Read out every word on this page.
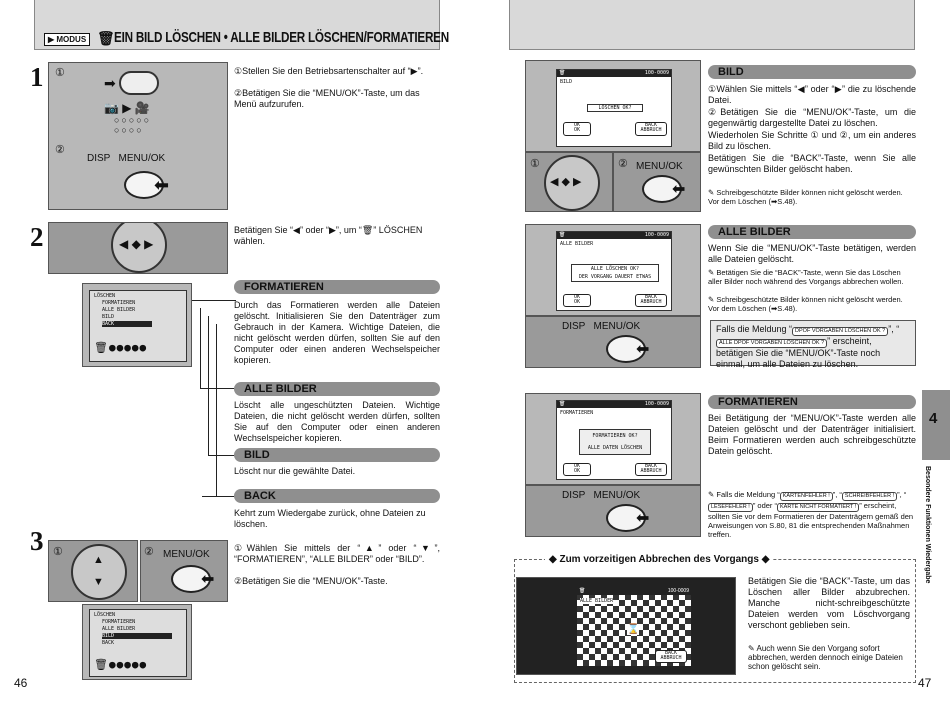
▶ MODUS 🗑 EIN BILD LÖSCHEN • ALLE BILDER LÖSCHEN/FORMATIEREN
1 ①
➡
📷 ▶ 🎥
○○○○○
○○○○
②
DISP   MENU/OK
⬅
①Stellen Sie den Betriebsartenschalter auf “▶”.
②Betätigen Sie die “MENU/OK”-Taste, um das Menü aufzurufen.
2	◀ ◆ ▶
LÖSCHEN
FORMATIEREN
ALLE BILDER
BILD
BACK
🗑●●●●●
Betätigen Sie “◀” oder “▶”, um “🗑” LÖSCHEN wählen.
FORMATIEREN
Durch das Formatieren werden alle Dateien gelöscht. Initialisieren Sie den Datenträger zum Gebrauch in der Kamera. Wichtige Dateien, die nicht gelöscht werden dürfen, sollten Sie auf den Computer oder einen anderen Wechselspeicher kopieren.
ALLE BILDER
Löscht alle ungeschützten Dateien. Wichtige Dateien, die nicht gelöscht werden dürfen, sollten Sie auf den Computer oder einen anderen Wechselspeicher kopieren.
BILD
Löscht nur die gewählte Datei.
BACK
Kehrt zum Wiedergabe zurück, ohne Dateien zu löschen.
3 ①
▲
▼
② MENU/OK
⬅
LÖSCHEN
FORMATIEREN
ALLE BILDER
BILD
BACK
🗑●●●●●
①Wählen Sie mittels der “▲” oder “▼”, “FORMATIEREN”, “ALLE BILDER” oder “BILD”.
②Betätigen Sie die “MENU/OK”-Taste.
46
🗑	100-0009
BILD
LÖSCHEN OK?
OK
OK
BACK
ABBRUCH
①
◀ ◆ ▶
② MENU/OK
⬅
BILD
①Wählen Sie mittels “◀” oder “▶” die zu löschende Datei.
②Betätigen Sie die “MENU/OK”-Taste, um die gegenwärtig dargestellte Datei zu löschen.
Wiederholen Sie Schritte ① und ②, um ein anderes Bild zu löschen.
Betätigen Sie die “BACK”-Taste, wenn Sie alle gewünschten Bilder gelöscht haben.
✎ Schreibgeschützte Bilder können nicht gelöscht werden. Vor dem Löschen (➡S.48).
🗑	100-0009
ALLE BILDER
ALLE LÖSCHEN OK?
DER VORGANG DAUERT ETWAS
OK
OK
BACK
ABBRUCH
DISP   MENU/OK
⬅
ALLE BILDER
Wenn Sie die “MENU/OK”-Taste betätigen, werden alle Dateien gelöscht.
✎ Betätigen Sie die “BACK”-Taste, wenn Sie das Löschen aller Bilder noch während des Vorgangs abbrechen wollen.
✎ Schreibgeschützte Bilder können nicht gelöscht werden. Vor dem Löschen (➡S.48).
Falls die Meldung “ DPOF VORGABEN LÖSCHEN OK ? ”, “ALLE DPOF VORGABEN LÖSCHEN OK ? ” erscheint, betätigen Sie die “MENU/OK”-Taste noch einmal, um alle Dateien zu löschen.
🗑	100-0009
FORMATIEREN
FORMATIEREN OK?
ALLE DATEN LÖSCHEN
OK
OK
BACK
ABBRUCH
DISP   MENU/OK
⬅
FORMATIEREN
Bei Betätigung der “MENU/OK”-Taste werden alle Dateien gelöscht und der Datenträger initialisiert. Beim Formatieren werden auch schreibgeschützte Datein gelöscht.
✎ Falls die Meldung “ KARTENFEHLER ! ”, “ SCHREIBFEHLER ! ”, “LESEFEHLER ! ” oder “ KARTE NICHT FORMATIERT ! ” erscheint, sollten Sie vor dem Formatieren der Datenträgern gemäß den Anweisungen von S.80, 81 die entsprechenden Maßnahmen treffen.
◆ Zum vorzeitigen Abbrechen des Vorgangs ◆
🗑	100-0009
ALLE BILDER
⌛
BACK
ABBRUCH
Betätigen Sie die “BACK”-Taste, um das Löschen aller Bilder abzubrechen. Manche nicht-schreibgeschützte Dateien werden vom Löschvorgang verschont geblieben sein.
✎ Auch wenn Sie den Vorgang sofort abbrechen, werden dennoch einige Dateien schon gelöscht sein.
4
Besondere Funktionen Wiedergabe
47
